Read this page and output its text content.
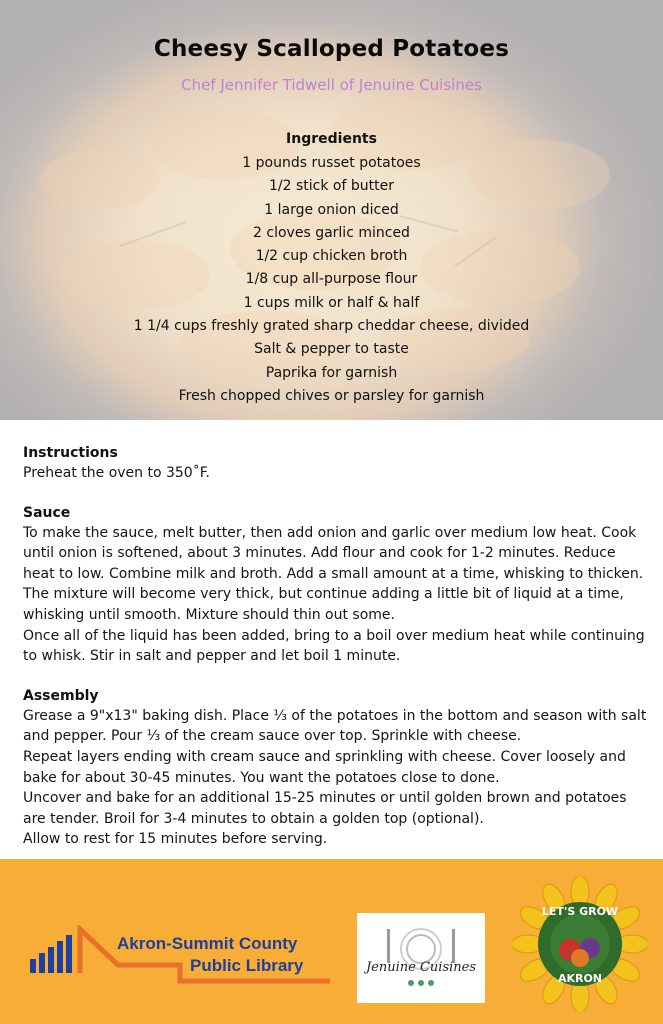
Cheesy Scalloped Potatoes
Chef Jennifer Tidwell of Jenuine Cuisines
Ingredients
1 pounds russet potatoes
1/2 stick of butter
1 large onion diced
2 cloves garlic minced
1/2 cup chicken broth
1/8 cup all-purpose flour
1 cups milk or half & half
1 1/4 cups freshly grated sharp cheddar cheese, divided
Salt & pepper to taste
Paprika for garnish
Fresh chopped chives or parsley for garnish

Instructions

Preheat the oven to 350˚F.

Sauce

To make the sauce, melt butter, then add onion and garlic over medium low heat. Cook until onion is softened, about 3 minutes. Add flour and cook for 1-2 minutes. Reduce heat to low. Combine milk and broth. Add a small amount at a time, whisking to thicken. The mixture will become very thick, but continue adding a little bit of liquid at a time, whisking until smooth. Mixture should thin out some.

Once all of the liquid has been added, bring to a boil over medium heat while continuing to whisk. Stir in salt and pepper and let boil 1 minute.

Assembly

Grease a 9"x13" baking dish. Place ⅓ of the potatoes in the bottom and season with salt and pepper. Pour ⅓ of the cream sauce over top. Sprinkle with cheese.

Repeat layers ending with cream sauce and sprinkling with cheese. Cover loosely and bake for about 30-45 minutes. You want the potatoes close to done.

Uncover and bake for an additional 15-25 minutes or until golden brown and potatoes are tender. Broil for 3-4 minutes to obtain a golden top (optional).

Allow to rest for 15 minutes before serving.

Akron-Summit County
Public Library	Jenuine Cuisines
LET'S GROW
AKRON
